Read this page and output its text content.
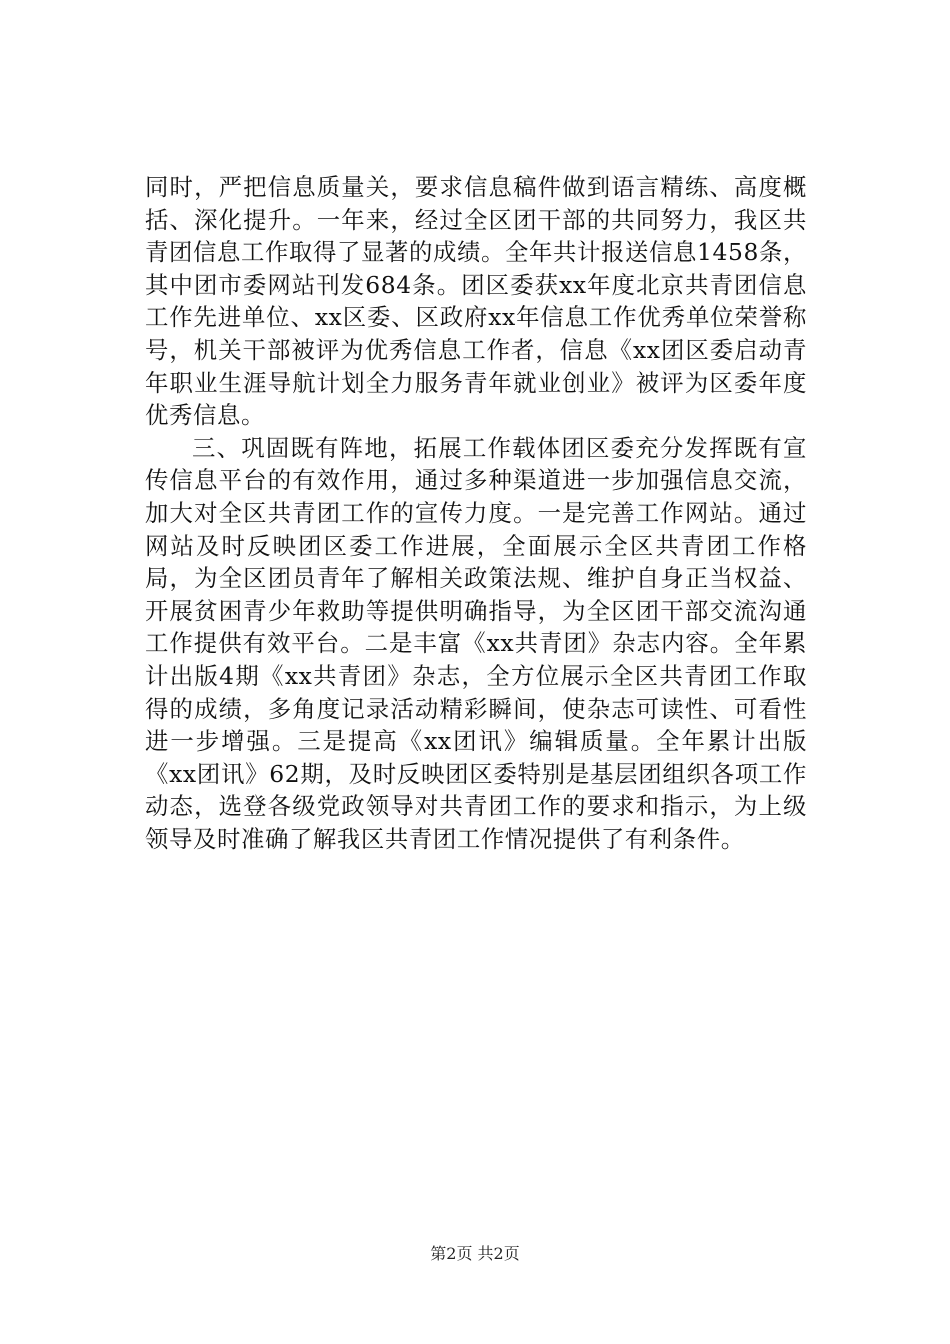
同时，严把信息质量关，要求信息稿件做到语言精练、高度概括、深化提升。一年来，经过全区团干部的共同努力，我区共青团信息工作取得了显著的成绩。全年共计报送信息1458条，其中团市委网站刊发684条。团区委获xx年度北京共青团信息工作先进单位、xx区委、区政府xx年信息工作优秀单位荣誉称号，机关干部被评为优秀信息工作者，信息《xx团区委启动青年职业生涯导航计划全力服务青年就业创业》被评为区委年度优秀信息。

三、巩固既有阵地，拓展工作载体团区委充分发挥既有宣传信息平台的有效作用，通过多种渠道进一步加强信息交流，加大对全区共青团工作的宣传力度。一是完善工作网站。通过网站及时反映团区委工作进展，全面展示全区共青团工作格局，为全区团员青年了解相关政策法规、维护自身正当权益、开展贫困青少年救助等提供明确指导，为全区团干部交流沟通工作提供有效平台。二是丰富《xx共青团》杂志内容。全年累计出版4期《xx共青团》杂志，全方位展示全区共青团工作取得的成绩，多角度记录活动精彩瞬间，使杂志可读性、可看性进一步增强。三是提高《xx团讯》编辑质量。全年累计出版《xx团讯》62期，及时反映团区委特别是基层团组织各项工作动态，选登各级党政领导对共青团工作的要求和指示，为上级领导及时准确了解我区共青团工作情况提供了有利条件。

第2页 共2页
